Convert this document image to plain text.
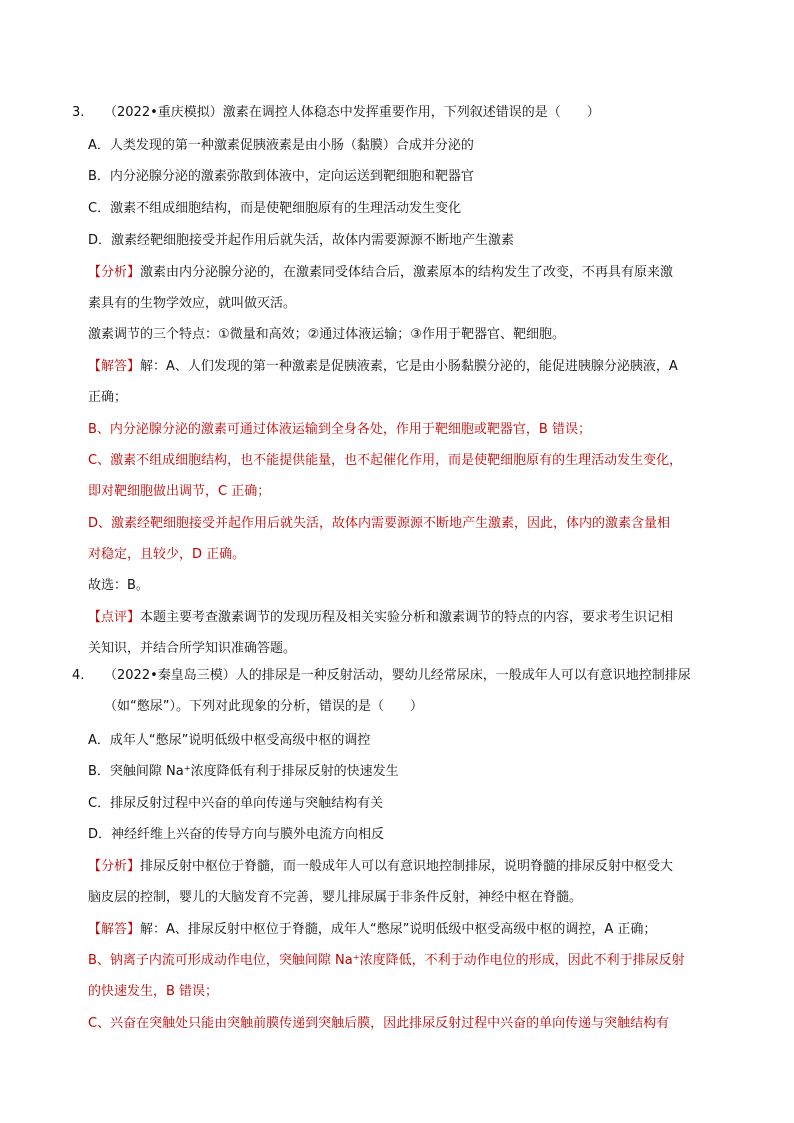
3. （2022•重庆模拟）激素在调控人体稳态中发挥重要作用，下列叙述错误的是（　　）
A．人类发现的第一种激素促胰液素是由小肠（黏膜）合成并分泌的
B．内分泌腺分泌的激素弥散到体液中，定向运送到靶细胞和靶器官
C．激素不组成细胞结构，而是使靶细胞原有的生理活动发生变化
D．激素经靶细胞接受并起作用后就失活，故体内需要源源不断地产生激素
【分析】激素由内分泌腺分泌的，在激素同受体结合后，激素原本的结构发生了改变，不再具有原来激
素具有的生物学效应，就叫做灭活。
激素调节的三个特点：①微量和高效；②通过体液运输；③作用于靶器官、靶细胞。
【解答】解：A、人们发现的第一种激素是促胰液素，它是由小肠黏膜分泌的，能促进胰腺分泌胰液，A
正确；
B、内分泌腺分泌的激素可通过体液运输到全身各处，作用于靶细胞或靶器官，B 错误；
C、激素不组成细胞结构，也不能提供能量，也不起催化作用，而是使靶细胞原有的生理活动发生变化，
即对靶细胞做出调节，C 正确；
D、激素经靶细胞接受并起作用后就失活，故体内需要源源不断地产生激素，因此，体内的激素含量相
对稳定，且较少，D 正确。
故选：B。
【点评】本题主要考查激素调节的发现历程及相关实验分析和激素调节的特点的内容，要求考生识记相
关知识，并结合所学知识准确答题。
4. （2022•秦皇岛三模）人的排尿是一种反射活动，婴幼儿经常尿床，一般成年人可以有意识地控制排尿（如“憋尿”）。下列对此现象的分析，错误的是（　　）
A．成年人“憋尿”说明低级中枢受高级中枢的调控
B．突触间隙 Na⁺浓度降低有利于排尿反射的快速发生
C．排尿反射过程中兴奋的单向传递与突触结构有关
D．神经纤维上兴奋的传导方向与膜外电流方向相反
【分析】排尿反射中枢位于脊髓，而一般成年人可以有意识地控制排尿，说明脊髓的排尿反射中枢受大
脑皮层的控制，婴儿的大脑发育不完善，婴儿排尿属于非条件反射，神经中枢在脊髓。
【解答】解：A、排尿反射中枢位于脊髓，成年人“憋尿”说明低级中枢受高级中枢的调控，A 正确；
B、钠离子内流可形成动作电位，突触间隙 Na⁺浓度降低，不利于动作电位的形成，因此不利于排尿反射
的快速发生，B 错误；
C、兴奋在突触处只能由突触前膜传递到突触后膜，因此排尿反射过程中兴奋的单向传递与突触结构有
